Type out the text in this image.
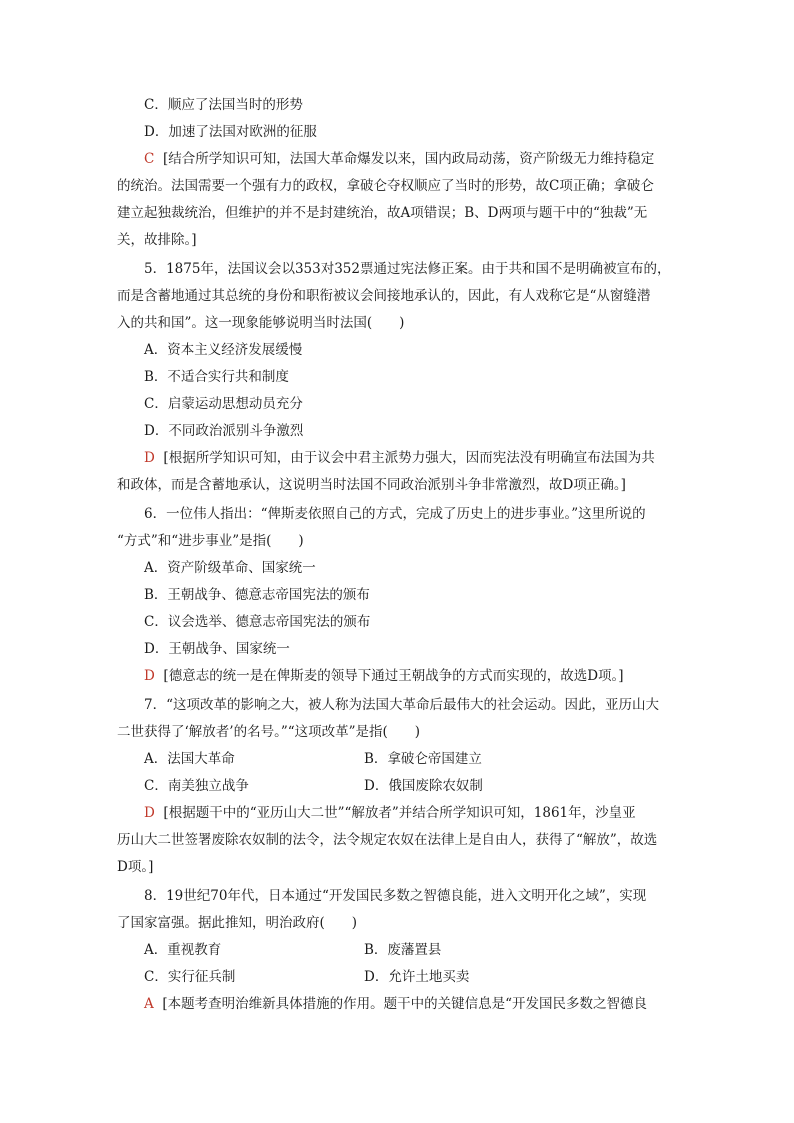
C．顺应了法国当时的形势
D．加速了法国对欧洲的征服
C [结合所学知识可知，法国大革命爆发以来，国内政局动荡，资产阶级无力维持稳定
的统治。法国需要一个强有力的政权，拿破仑夺权顺应了当时的形势，故C项正确；拿破仑
建立起独裁统治，但维护的并不是封建统治，故A项错误；B、D两项与题干中的“独裁”无
关，故排除。]
5．1875年，法国议会以353对352票通过宪法修正案。由于共和国不是明确被宣布的，
而是含蓄地通过其总统的身份和职衔被议会间接地承认的，因此，有人戏称它是“从窗缝潜
入的共和国”。这一现象能够说明当时法国(　　)
A．资本主义经济发展缓慢
B．不适合实行共和制度
C．启蒙运动思想动员充分
D．不同政治派别斗争激烈
D [根据所学知识可知，由于议会中君主派势力强大，因而宪法没有明确宣布法国为共
和政体，而是含蓄地承认，这说明当时法国不同政治派别斗争非常激烈，故D项正确。]
6．一位伟人指出：“俾斯麦依照自己的方式，完成了历史上的进步事业。”这里所说的
“方式”和“进步事业”是指(　　)
A．资产阶级革命、国家统一
B．王朝战争、德意志帝国宪法的颁布
C．议会选举、德意志帝国宪法的颁布
D．王朝战争、国家统一
D [德意志的统一是在俾斯麦的领导下通过王朝战争的方式而实现的，故选D项。]
7．“这项改革的影响之大，被人称为法国大革命后最伟大的社会运动。因此，亚历山大
二世获得了‘解放者’的名号。”“这项改革”是指(　　)
A．法国大革命	B．拿破仑帝国建立
C．南美独立战争	D．俄国废除农奴制
D [根据题干中的“亚历山大二世”“解放者”并结合所学知识可知，1861年，沙皇亚
历山大二世签署废除农奴制的法令，法令规定农奴在法律上是自由人，获得了“解放”，故选
D项。]
8．19世纪70年代，日本通过“开发国民多数之智德良能，进入文明开化之域”，实现
了国家富强。据此推知，明治政府(　　)
A．重视教育	B．废藩置县
C．实行征兵制	D．允许土地买卖
A [本题考查明治维新具体措施的作用。题干中的关键信息是“开发国民多数之智德良
